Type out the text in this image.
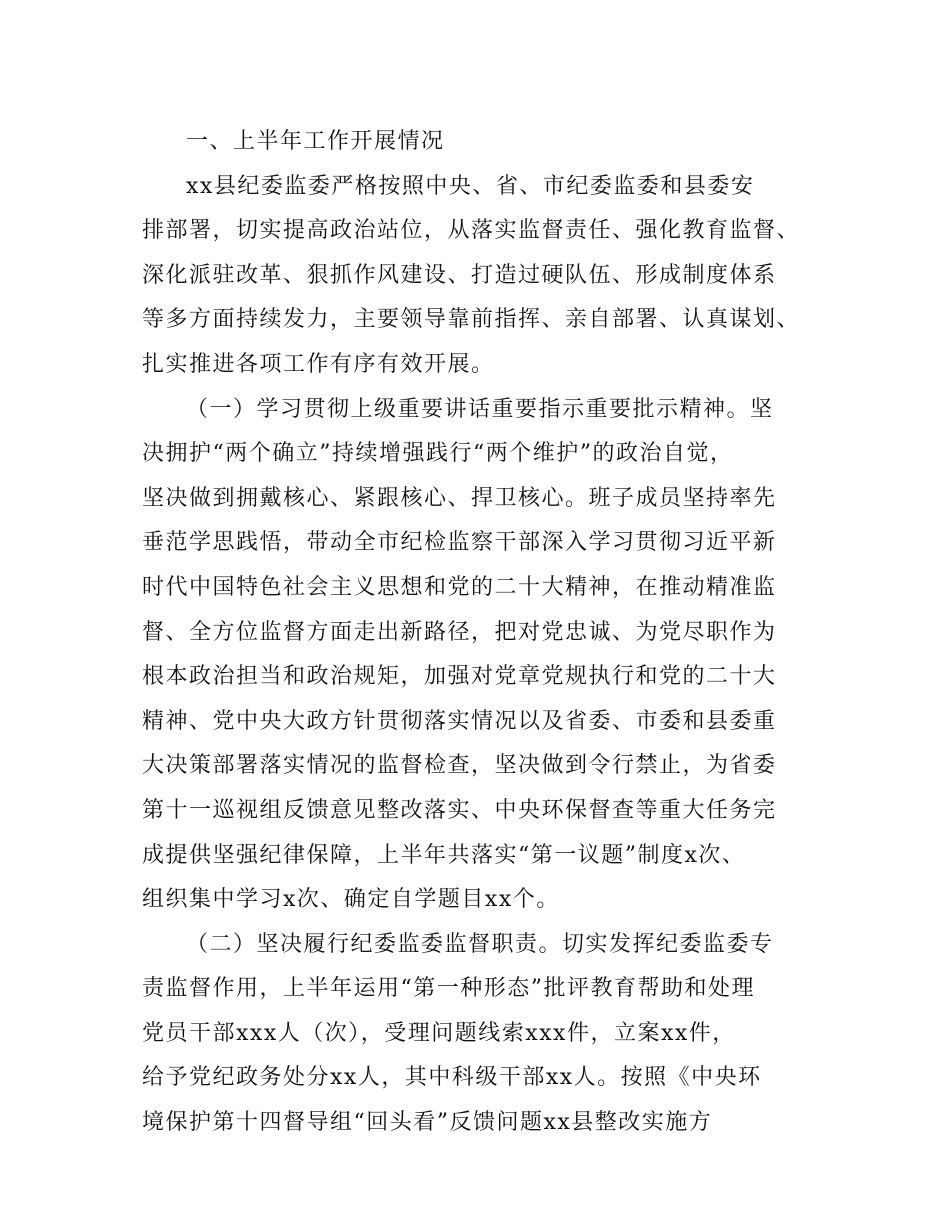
一、上半年工作开展情况
xx县纪委监委严格按照中央、省、市纪委监委和县委安
排部署，切实提高政治站位，从落实监督责任、强化教育监督、
深化派驻改革、狠抓作风建设、打造过硬队伍、形成制度体系
等多方面持续发力，主要领导靠前指挥、亲自部署、认真谋划、
扎实推进各项工作有序有效开展。
（一）学习贯彻上级重要讲话重要指示重要批示精神。坚
决拥护“两个确立”持续增强践行“两个维护”的政治自觉，
坚决做到拥戴核心、紧跟核心、捍卫核心。班子成员坚持率先
垂范学思践悟，带动全市纪检监察干部深入学习贯彻习近平新
时代中国特色社会主义思想和党的二十大精神，在推动精准监
督、全方位监督方面走出新路径，把对党忠诚、为党尽职作为
根本政治担当和政治规矩，加强对党章党规执行和党的二十大
精神、党中央大政方针贯彻落实情况以及省委、市委和县委重
大决策部署落实情况的监督检查，坚决做到令行禁止，为省委
第十一巡视组反馈意见整改落实、中央环保督查等重大任务完
成提供坚强纪律保障，上半年共落实“第一议题”制度x次、
组织集中学习x次、确定自学题目xx个。
（二）坚决履行纪委监委监督职责。切实发挥纪委监委专
责监督作用，上半年运用“第一种形态”批评教育帮助和处理
党员干部xxx人（次），受理问题线索xxx件，立案xx件，
给予党纪政务处分xx人，其中科级干部xx人。按照《中央环
境保护第十四督导组“回头看”反馈问题xx县整改实施方
